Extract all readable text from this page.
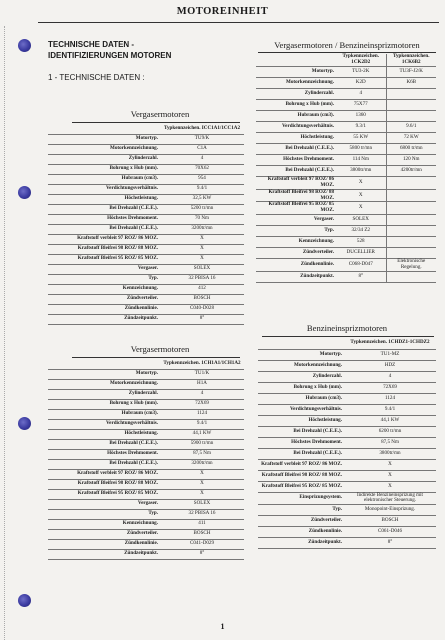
MOTOREINHEIT
TECHNISCHE DATEN -
IDENTIFIZIERUNGEN MOTOREN
1 - TECHNISCHE DATEN :
Vergasermotoren
	Typkennzeichen. ICC1A1/1CC1A2
Motortyp.	TU9/K
Motorkennzeichnung.	C1A
Zylinderzahl.	4
Bohrung x Hub (mm).	70X62
Hubraum (cm3).	954
Verdichtungsverhältnis.	9.4/1
Höchstleistung.	32,5 KW
Bei Drehzahl (C.E.E.).	5200 tr/mn
Höchstes Drehmoment.	70 Nm
Bei Drehzahl (C.E.E.).	3200tr/mn
Kraftstoff verbleit 97 ROZ/ 86 MOZ.	X
Kraftstoff Bleifrei 98 ROZ/ 88 MOZ.	X
Kraftstoff Bleifrei 95 ROZ/ 85 MOZ.	X
Vergaser.	SOLEX
Typ.	32 PBISA 16
Kennzeichnung.	412
Zündverteiler.	BOSCH
Zündkennlinie.	C040-D028
Zündzeitpunkt.	8°
Vergasermotoren / Benzineinsprizmotoren
	Typkennzeichen. 1CK2D2	Typkennzeichen. 1CK6B2
Motortyp.	TU3-2K	TU3F-J2/K
Motorkennzeichnung.	K2D	K6B
Zylinderzahl.	4	
Bohrung x Hub (mm).	75X77	
Hubraum (cm3).	1360	
Verdichtungsverhältnis.	9.3/1	9.6/1
Höchstleistung.	55 KW	72 KW
Bei Drehzahl (C.E.E.).	5800 tr/mn	6800 tr/mn
Höchstes Drehmoment.	114 Nm	120 Nm
Bei Drehzahl (C.E.E.).	3800tr/mn	4200tr/mn
Kraftstoff verbleit 97 ROZ/ 86 MOZ.	X	
Kraftstoff Bleifrei 98 ROZ/ 88 MOZ.	X	
Kraftstoff Bleifrei 95 ROZ/ 85 MOZ.	X	
Vergaser.	SOLEX	
Typ.	32/34 Z2	
Kennzeichnung.	528	
Zündverteiler.	DUCELLIER	
Zündkennlinie.	C068-D047	Elektronische Regelung.
Zündzeitpunkt.	8°	
Vergasermotoren
	Typkennzeichen. 1CH1A1/1CH1A2
Motortyp.	TU1/K
Motorkennzeichnung.	H1A
Zylinderzahl.	4
Bohrung x Hub (mm).	72X69
Hubraum (cm3).	1124
Verdichtungsverhältnis.	9.4/1
Höchstleistung.	44,1 KW
Bei Drehzahl (C.E.E.).	5900 tr/mn
Höchstes Drehmoment.	87,5 Nm
Bei Drehzahl (C.E.E.).	3200tr/mn
Kraftstoff verbleit 97 ROZ/ 86 MOZ.	X
Kraftstoff Bleifrei 98 ROZ/ 88 MOZ.	X
Kraftstoff Bleifrei 95 ROZ/ 85 MOZ.	X
Vergaser.	SOLEX
Typ.	32 PBISA 16
Kennzeichnung.	411
Zündverteiler.	BOSCH
Zündkennlinie.	C041-D029
Zündzeitpunkt.	8°
Benzineinsprizmotoren
	Typkennzeichen. 1CHDZ1-1CHDZ2
Motortyp.	TU1-MZ
Motorkennzeichnung.	HDZ
Zylinderzahl.	4
Bohrung x Hub (mm).	72X69
Hubraum (cm3).	1124
Verdichtungsverhältnis.	9.4/1
Höchstleistung.	44,1 KW
Bei Drehzahl (C.E.E.).	6200 tr/mn
Höchstes Drehmoment.	87,5 Nm
Bei Drehzahl (C.E.E.).	3800tr/mn
Kraftstoff verbleit 97 ROZ/ 86 MOZ.	X
Kraftstoff Bleifrei 98 ROZ/ 88 MOZ.	X
Kraftstoff Bleifrei 95 ROZ/ 85 MOZ.	X
Einsprizungsystem.	Indirekte Benzineinsprizung mit elektronischer Steuerung.
Typ.	Monopoint-Einsprizung.
Zündverteiler.	BOSCH
Zündkennlinie.	C061-D046
Zündzeitpunkt.	8°
1
